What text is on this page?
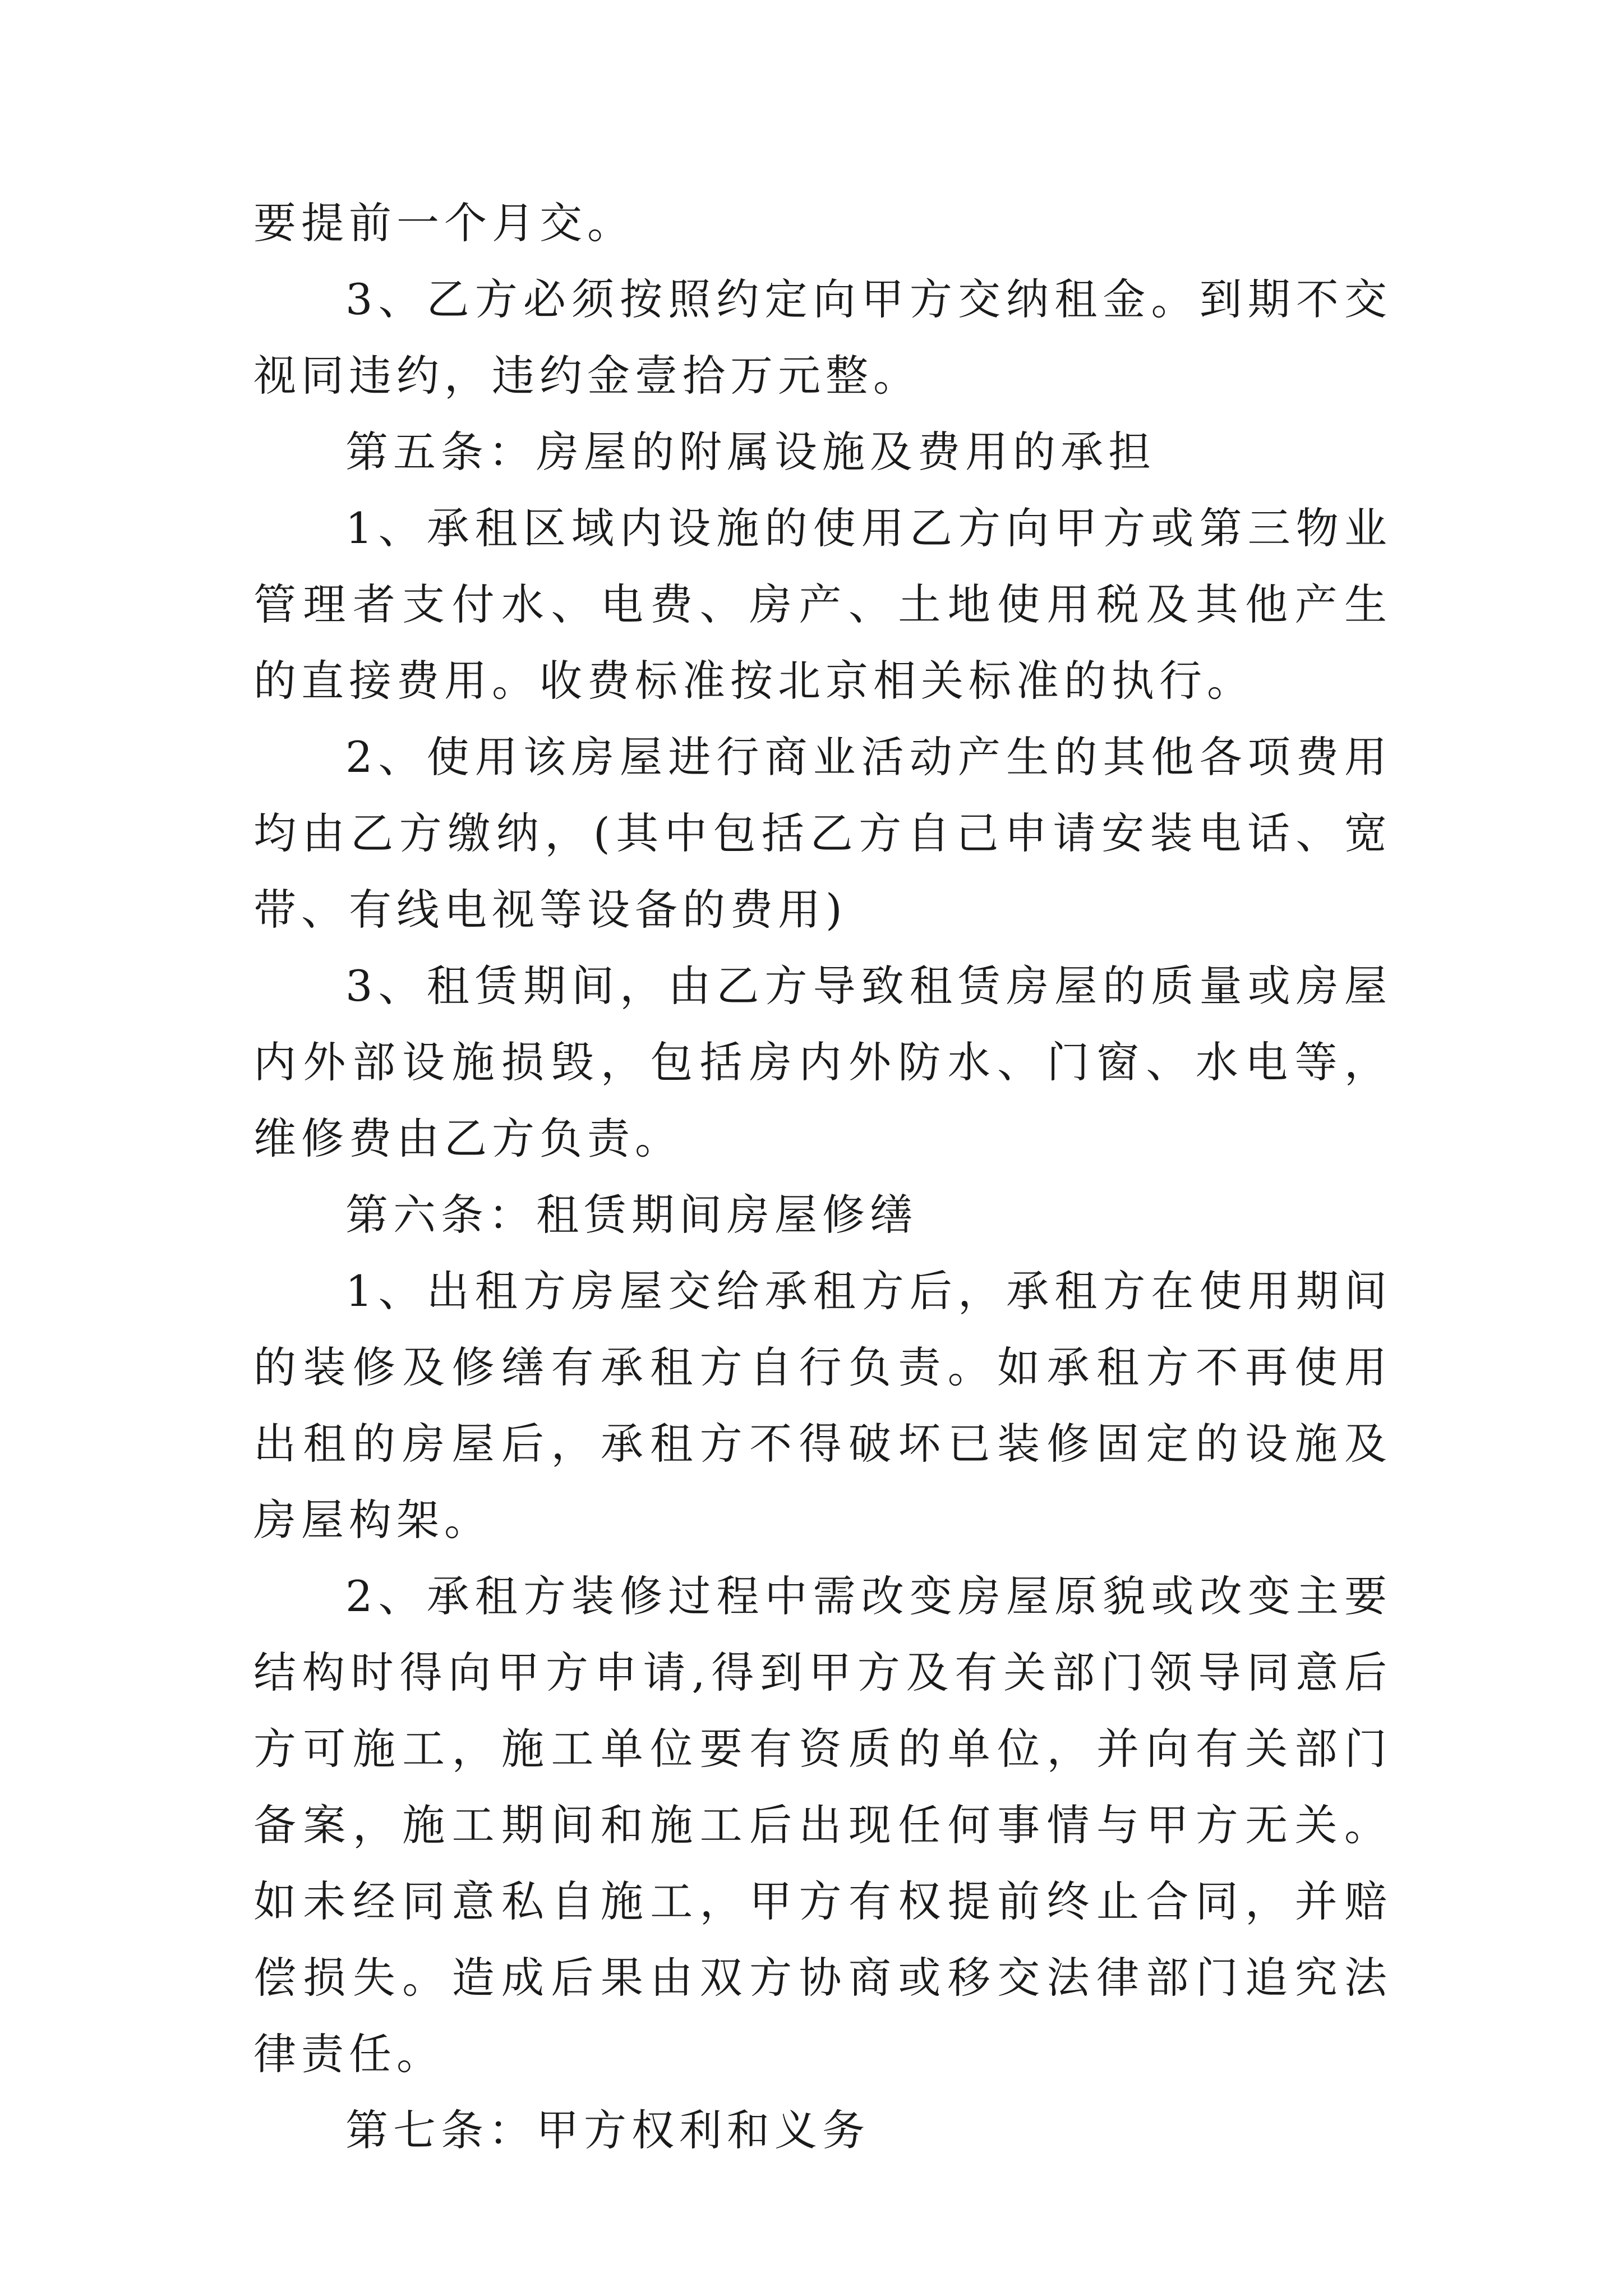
要提前一个月交。

3、乙方必须按照约定向甲方交纳租金。到期不交视同违约，违约金壹拾万元整。

第五条：房屋的附属设施及费用的承担

1、承租区域内设施的使用乙方向甲方或第三物业管理者支付水、电费、房产、土地使用税及其他产生的直接费用。收费标准按北京相关标准的执行。

2、使用该房屋进行商业活动产生的其他各项费用均由乙方缴纳，(其中包括乙方自己申请安装电话、宽带、有线电视等设备的费用)

3、租赁期间，由乙方导致租赁房屋的质量或房屋内外部设施损毁，包括房内外防水、门窗、水电等，维修费由乙方负责。

第六条：租赁期间房屋修缮

1、出租方房屋交给承租方后，承租方在使用期间的装修及修缮有承租方自行负责。如承租方不再使用出租的房屋后，承租方不得破坏已装修固定的设施及房屋构架。

2、承租方装修过程中需改变房屋原貌或改变主要结构时得向甲方申请,得到甲方及有关部门领导同意后方可施工，施工单位要有资质的单位，并向有关部门备案，施工期间和施工后出现任何事情与甲方无关。如未经同意私自施工，甲方有权提前终止合同，并赔偿损失。造成后果由双方协商或移交法律部门追究法律责任。

第七条：甲方权利和义务
